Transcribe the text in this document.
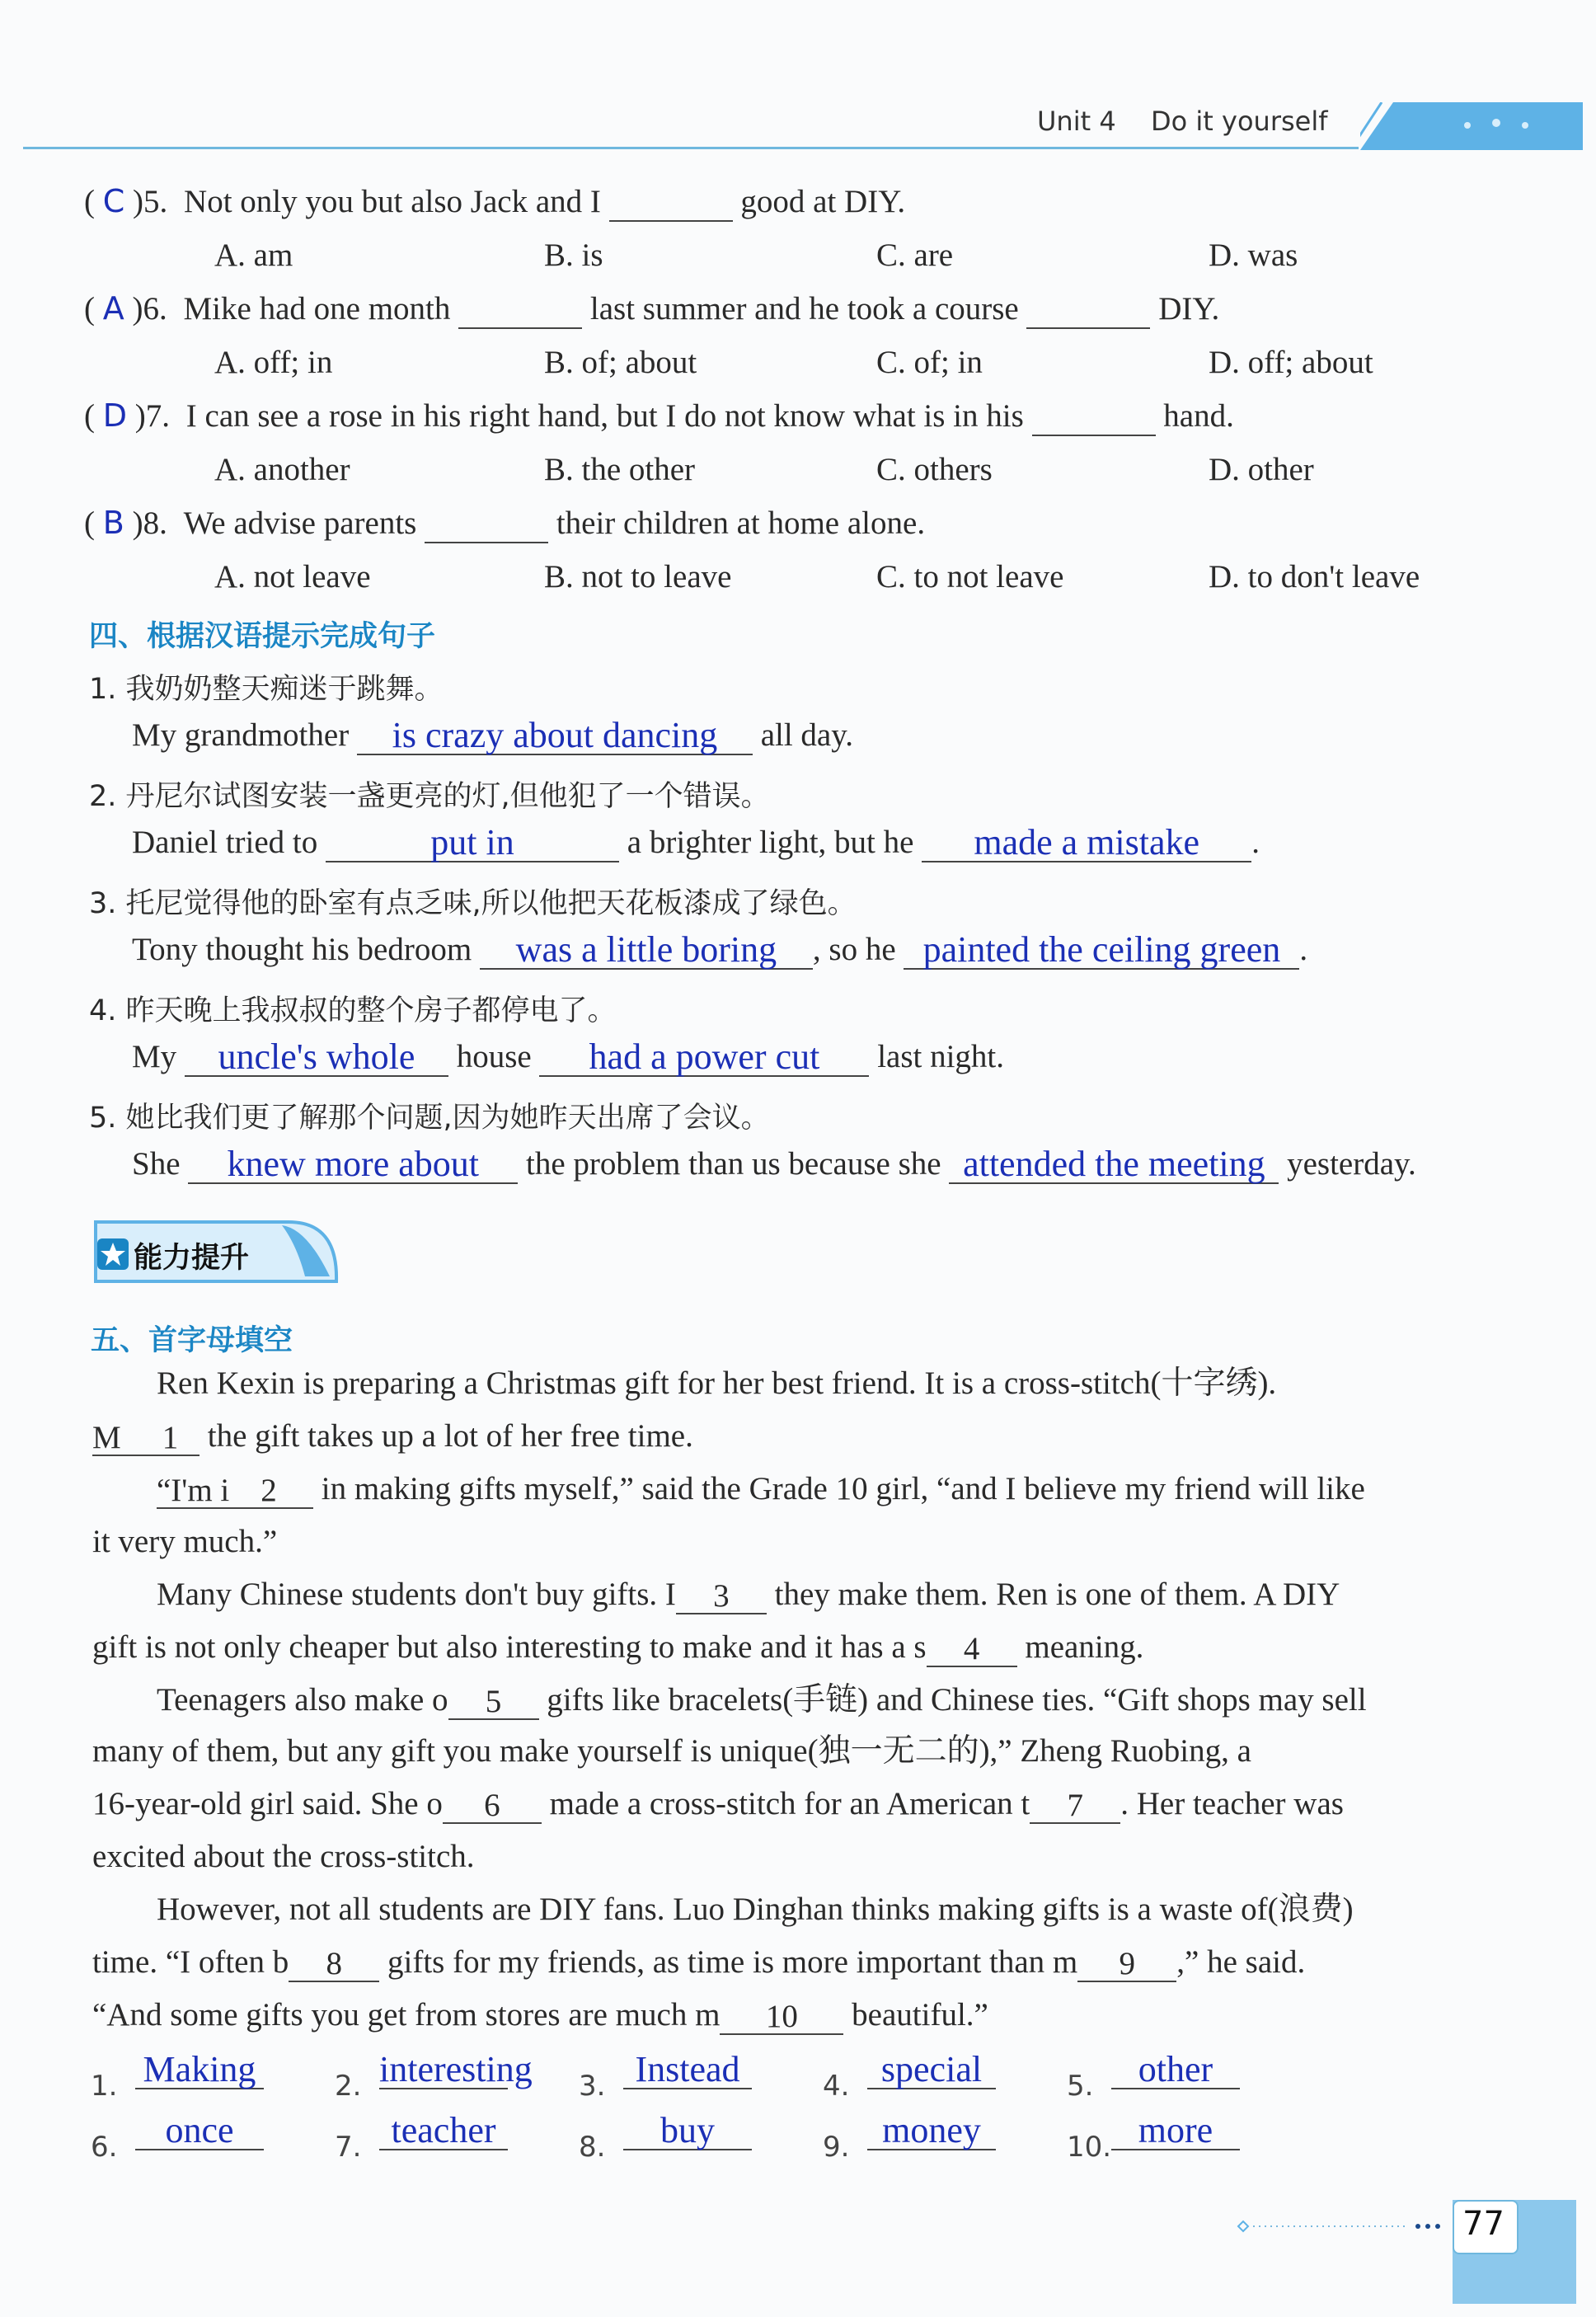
Unit 4 Do it yourself
( C )5. Not only you but also Jack and I	good at DIY.
A. am	B. is	C. are	D. was
( A )6. Mike had one month	last summer and he took a course	DIY.
A. off; in	B. of; about	C. of; in	D. off; about
( D )7. I can see a rose in his right hand, but I do not know what is in his	hand.
A. another	B. the other	C. others	D. other
( B )8. We advise parents	their children at home alone.
A. not leave	B. not to leave	C. to not leave	D. to don't leave
四、根据汉语提示完成句子
1. 我奶奶整天痴迷于跳舞。
My grandmother is crazy about dancing all day.
2. 丹尼尔试图安装一盏更亮的灯,但他犯了一个错误。
Daniel tried to	put in	a brighter light, but he made a mistake .
3. 托尼觉得他的卧室有点乏味,所以他把天花板漆成了绿色。
Tony thought his bedroom was a little boring , so he painted the ceiling green .
4. 昨天晚上我叔叔的整个房子都停电了。
My uncle's whole house had a power cut last night.
5. 她比我们更了解那个问题,因为她昨天出席了会议。
She knew more about the problem than us because she attended the meeting yesterday.
能力提升
五、首字母填空
Ren Kexin is preparing a Christmas gift for her best friend. It is a cross-stitch(十字绣).
M 1 the gift takes up a lot of her free time.
“I'm i 2 in making gifts myself,” said the Grade 10 girl, “and I believe my friend will like
it very much.”
Many Chinese students don't buy gifts. I 3 they make them. Ren is one of them. A DIY
gift is not only cheaper but also interesting to make and it has a s 4 meaning.
Teenagers also make o 5 gifts like bracelets(手链) and Chinese ties. “Gift shops may sell
many of them, but any gift you make yourself is unique(独一无二的),” Zheng Ruobing, a
16-year-old girl said. She o 6 made a cross-stitch for an American t 7 . Her teacher was
excited about the cross-stitch.
However, not all students are DIY fans. Luo Dinghan thinks making gifts is a waste of(浪费)
time. “I often b 8 gifts for my friends, as time is more important than m 9 ,” he said.
“And some gifts you get from stores are much m 10 beautiful.”
1. Making	2. interesting 3. Instead	4. special	5.	other
6.	once	7. teacher	8.	buy	9. money	10. more
77
